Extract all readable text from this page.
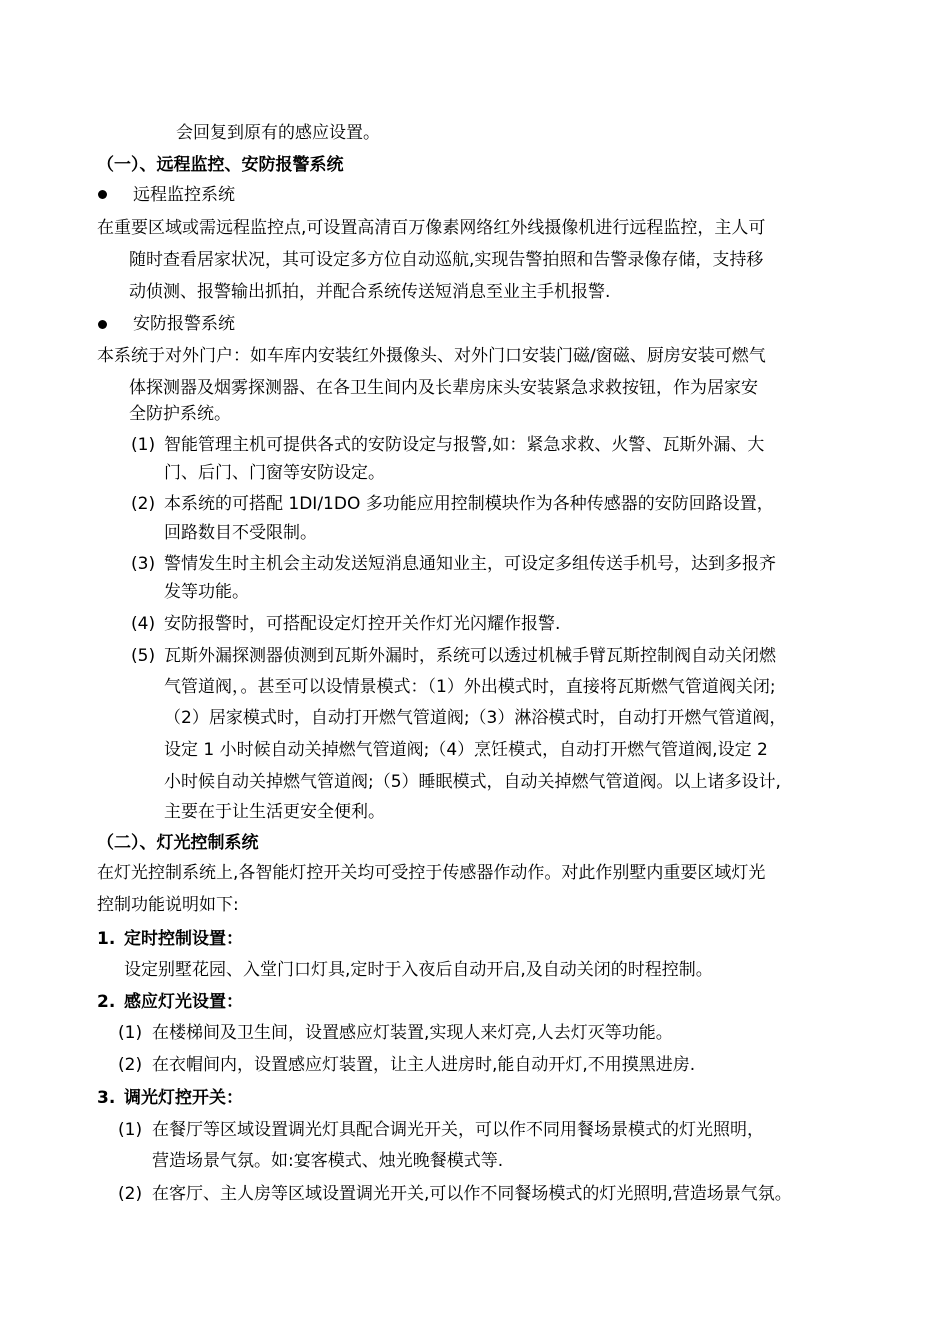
会回复到原有的感应设置。
（一）、远程监控、安防报警系统
远程监控系统
在重要区域或需远程监控点,可设置高清百万像素网络红外线摄像机进行远程监控，主人可
随时查看居家状况，其可设定多方位自动巡航,实现告警拍照和告警录像存储，支持移
动侦测、报警输出抓拍，并配合系统传送短消息至业主手机报警.
安防报警系统
本系统于对外门户：如车库内安装红外摄像头、对外门口安装门磁/窗磁、厨房安装可燃气
体探测器及烟雾探测器、在各卫生间内及长辈房床头安装紧急求救按钮，作为居家安
全防护系统。
(1) 智能管理主机可提供各式的安防设定与报警,如：紧急求救、火警、瓦斯外漏、大
门、后门、门窗等安防设定。
(2) 本系统的可搭配 1DI/1DO 多功能应用控制模块作为各种传感器的安防回路设置，
回路数目不受限制。
(3) 警情发生时主机会主动发送短消息通知业主，可设定多组传送手机号，达到多报齐
发等功能。
(4) 安防报警时，可搭配设定灯控开关作灯光闪耀作报警.
(5) 瓦斯外漏探测器侦测到瓦斯外漏时，系统可以透过机械手臂瓦斯控制阀自动关闭燃
气管道阀，。甚至可以设情景模式：（1）外出模式时，直接将瓦斯燃气管道阀关闭;
（2）居家模式时，自动打开燃气管道阀;（3）淋浴模式时，自动打开燃气管道阀，
设定 1 小时候自动关掉燃气管道阀;（4）烹饪模式，自动打开燃气管道阀,设定 2
小时候自动关掉燃气管道阀;（5）睡眠模式，自动关掉燃气管道阀。以上诸多设计,
主要在于让生活更安全便利。
（二）、灯光控制系统
在灯光控制系统上,各智能灯控开关均可受控于传感器作动作。对此作别墅内重要区域灯光
控制功能说明如下:
1. 定时控制设置：
设定别墅花园、入堂门口灯具,定时于入夜后自动开启,及自动关闭的时程控制。
2. 感应灯光设置：
(1) 在楼梯间及卫生间，设置感应灯装置,实现人来灯亮,人去灯灭等功能。
(2) 在衣帽间内，设置感应灯装置，让主人进房时,能自动开灯,不用摸黑进房.
3. 调光灯控开关：
(1) 在餐厅等区域设置调光灯具配合调光开关，可以作不同用餐场景模式的灯光照明，
营造场景气氛。如:宴客模式、烛光晚餐模式等.
(2) 在客厅、主人房等区域设置调光开关,可以作不同餐场模式的灯光照明,营造场景气氛。
